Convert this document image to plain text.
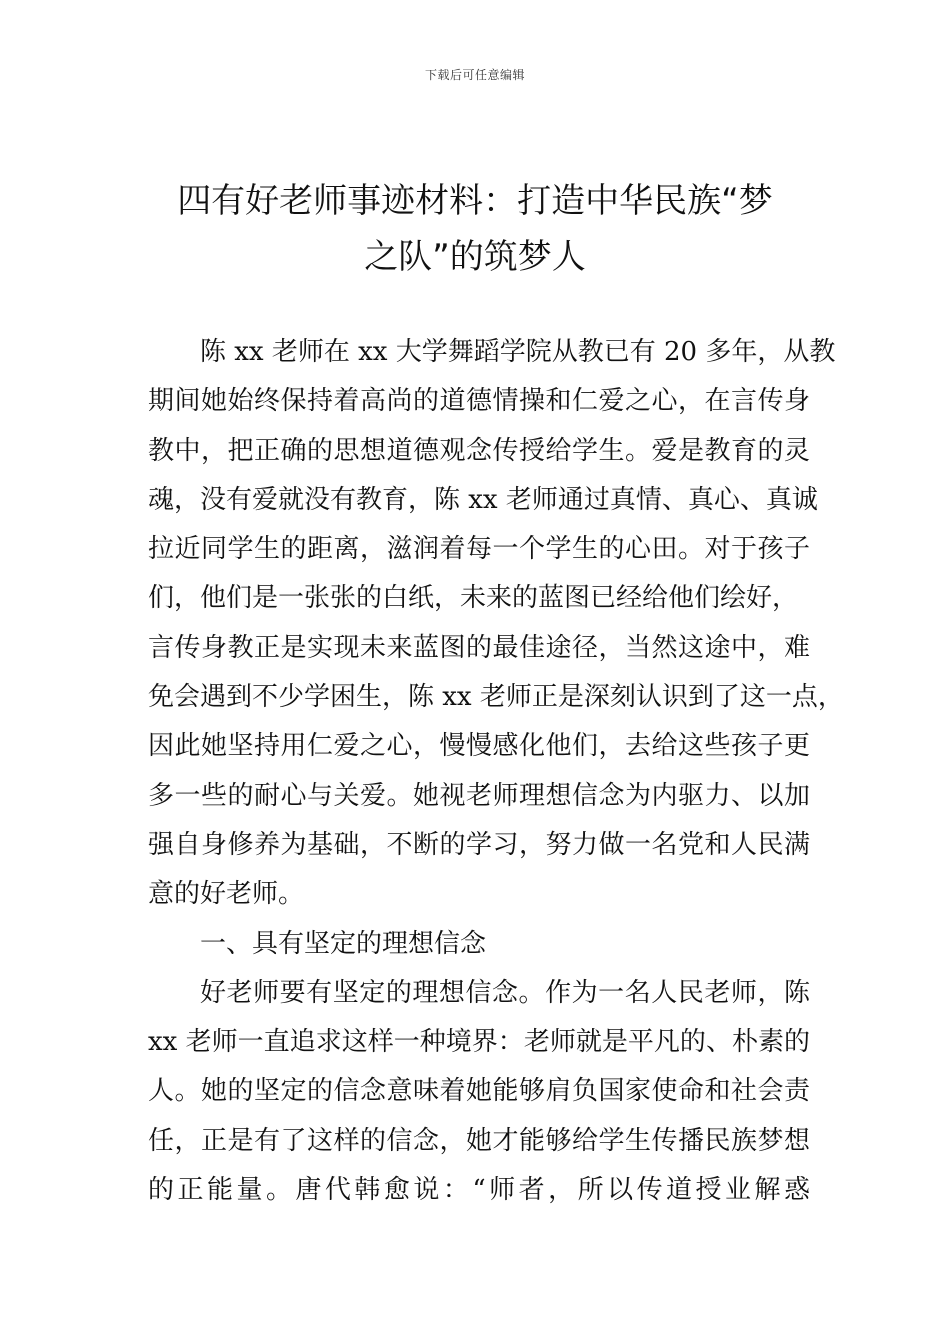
下载后可任意编辑
四有好老师事迹材料：打造中华民族“梦
之队”的筑梦人
陈 xx 老师在 xx 大学舞蹈学院从教已有 20 多年，从教
期间她始终保持着高尚的道德情操和仁爱之心，在言传身
教中，把正确的思想道德观念传授给学生。爱是教育的灵
魂，没有爱就没有教育，陈 xx 老师通过真情、真心、真诚
拉近同学生的距离，滋润着每一个学生的心田。对于孩子
们，他们是一张张的白纸，未来的蓝图已经给他们绘好，
言传身教正是实现未来蓝图的最佳途径，当然这途中，难
免会遇到不少学困生，陈 xx 老师正是深刻认识到了这一点，
因此她坚持用仁爱之心，慢慢感化他们，去给这些孩子更
多一些的耐心与关爱。她视老师理想信念为内驱力、以加
强自身修养为基础，不断的学习，努力做一名党和人民满
意的好老师。
一、具有坚定的理想信念
好老师要有坚定的理想信念。作为一名人民老师，陈
xx 老师一直追求这样一种境界：老师就是平凡的、朴素的
人。她的坚定的信念意味着她能够肩负国家使命和社会责
任，正是有了这样的信念，她才能够给学生传播民族梦想
的正能量。唐代韩愈说：“师者，所以传道授业解惑
